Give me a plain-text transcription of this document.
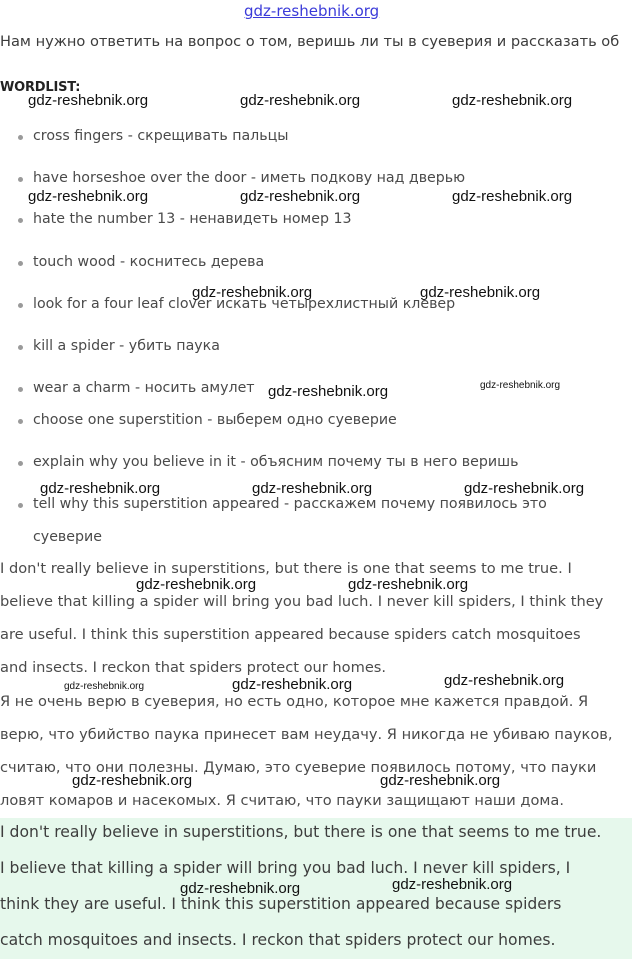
gdz-reshebnik.org
Нам нужно ответить на вопрос о том, веришь ли ты в суеверия и рассказать об
WORDLIST:
cross fingers - скрещивать пальцы
have horseshoe over the door - иметь подкову над дверью
hate the number 13 - ненавидеть номер 13
touch wood - коснитесь дерева
look for a four leaf clover искать четырехлистный клевер
kill a spider - убить паука
wear a charm - носить амулет
choose one superstition - выберем одно суеверие
explain why you believe in it - объясним почему ты в него веришь
tell why this superstition appeared - расскажем почему появилось это
суеверие
I don't really believe in superstitions, but there is one that seems to me true. I
believe that killing a spider will bring you bad luch. I never kill spiders, I think they
are useful. I think this superstition appeared because spiders catch mosquitoes
and insects. I reckon that spiders protect our homes.
Я не очень верю в суеверия, но есть одно, которое мне кажется правдой. Я
верю, что убийство паука принесет вам неудачу. Я никогда не убиваю пауков,
считаю, что они полезны. Думаю, это суеверие появилось потому, что пауки
ловят комаров и насекомых. Я считаю, что пауки защищают наши дома.
I don't really believe in superstitions, but there is one that seems to me true.
I believe that killing a spider will bring you bad luch. I never kill spiders, I
think they are useful. I think this superstition appeared because spiders
catch mosquitoes and insects. I reckon that spiders protect our homes.
gdz-reshebnik.org	gdz-reshebnik.org	gdz-reshebnik.org
gdz-reshebnik.org	gdz-reshebnik.org	gdz-reshebnik.org
gdz-reshebnik.org	gdz-reshebnik.org
gdz-reshebnik.org	gdz-reshebnik.org
gdz-reshebnik.org	gdz-reshebnik.org	gdz-reshebnik.org
gdz-reshebnik.org	gdz-reshebnik.org
gdz-reshebnik.org	gdz-reshebnik.org	gdz-reshebnik.org
gdz-reshebnik.org	gdz-reshebnik.org
gdz-reshebnik.org	gdz-reshebnik.org
